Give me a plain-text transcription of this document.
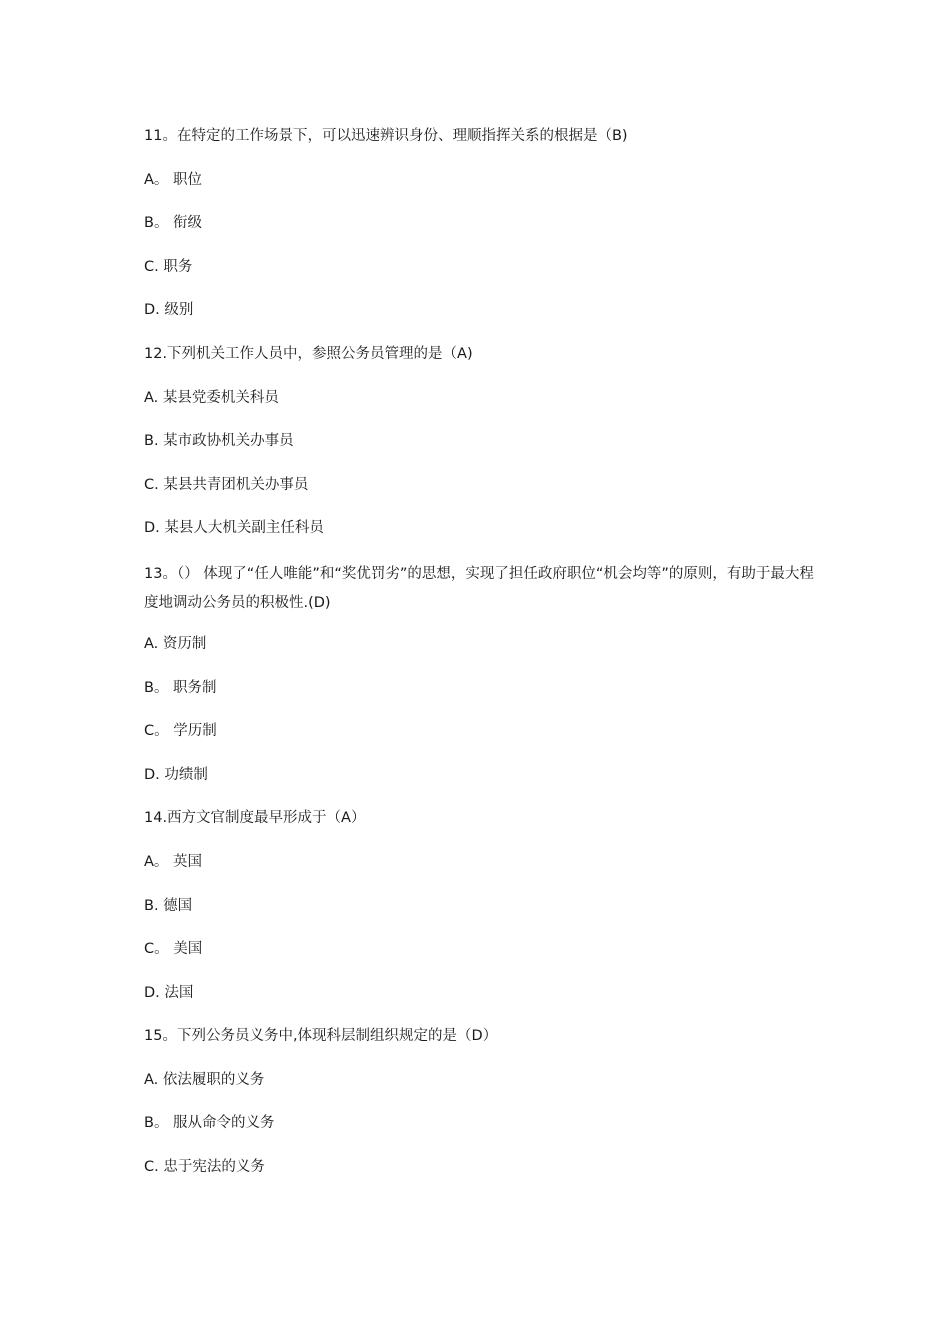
11。在特定的工作场景下，可以迅速辨识身份、理顺指挥关系的根据是（B)
A。 职位
B。 衔级
C. 职务
D. 级别
12.下列机关工作人员中，参照公务员管理的是（A)
A. 某县党委机关科员
B. 某市政协机关办事员
C. 某县共青团机关办事员
D. 某县人大机关副主任科员
13。（） 体现了“任人唯能”和“奖优罚劣”的思想，实现了担任政府职位“机会均等”的原则，有助于最大程度地调动公务员的积极性.(D)
A. 资历制
B。 职务制
C。 学历制
D. 功绩制
14.西方文官制度最早形成于（A）
A。 英国
B. 德国
C。 美国
D. 法国
15。下列公务员义务中,体现科层制组织规定的是（D）
A. 依法履职的义务
B。 服从命令的义务
C. 忠于宪法的义务
